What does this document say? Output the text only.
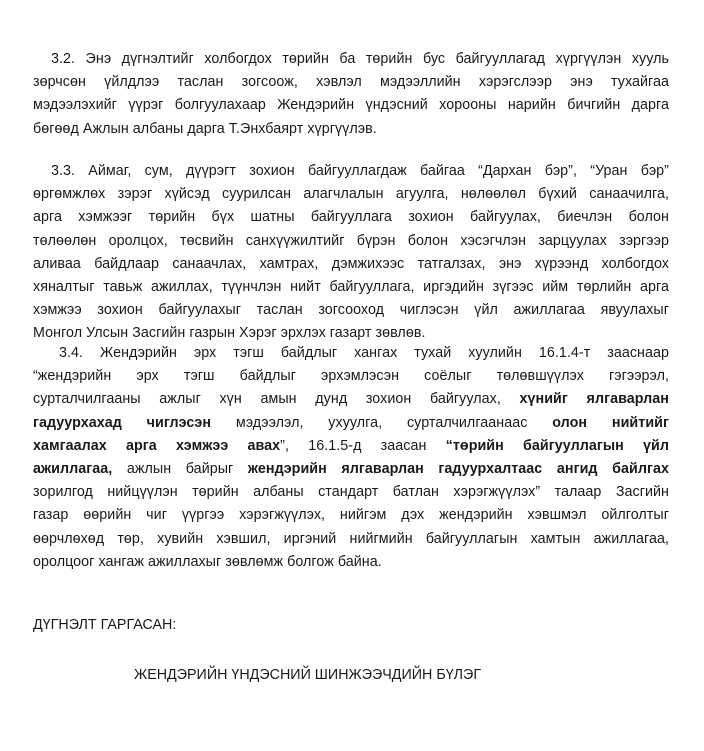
3.2. Энэ дүгнэлтийг холбогдох төрийн ба төрийн бус байгууллагад хүргүүлэн хууль
зөрчсөн үйлдлээ таслан зогсоож, хэвлэл мэдээллийн хэрэгслээр энэ тухайгаа
мэдээлэхийг үүрэг болгуулахаар Жендэрийн үндэсний хорооны нарийн бичгийн дарга
бөгөөд Ажлын албаны дарга Т.Энхбаярт хүргүүлэв.
3.3. Аймаг, сум, дүүрэгт зохион байгууллагдаж байгаа “Дархан бэр”, “Уран бэр”
өргөмжлөх зэрэг хүйсэд суурилсан алагчлалын агуулга, нөлөөлөл бүхий санаачилга,
арга хэмжээг төрийн бүх шатны байгууллага зохион байгуулах, биечлэн болон
төлөөлөн оролцох, төсвийн санхүүжилтийг бүрэн болон хэсэгчлэн зарцуулах зэргээр
аливаа байдлаар санаачлах, хамтрах, дэмжихээс татгалзах, энэ хүрээнд холбогдох
хяналтыг тавьж ажиллах, түүнчлэн нийт байгууллага, иргэдийн зүгээс ийм төрлийн арга
хэмжээ зохион байгуулахыг таслан зогсооход чиглэсэн үйл ажиллагаа явуулахыг
Монгол Улсын Засгийн газрын Хэрэг эрхлэх газарт зөвлөв.
3.4. Жендэрийн эрх тэгш байдлыг хангах тухай хуулийн 16.1.4-т зааснаар
“жендэрийн эрх тэгш байдлыг эрхэмлэсэн соёлыг төлөвшүүлэх гэгээрэл,
сурталчилгааны ажлыг хүн амын дунд зохион байгуулах, хүнийг ялгаварлан
гадуурхахад чиглэсэн мэдээлэл, ухуулга, сурталчилгаанаас олон нийтийг
хамгаалах арга хэмжээ авах”, 16.1.5-д заасан “төрийн байгууллагын үйл
ажиллагаа, ажлын байрыг жендэрийн ялгаварлан гадуурхалтаас ангид байлгах
зорилгод нийцүүлэн төрийн албаны стандарт батлан хэрэгжүүлэх” талаар Засгийн
газар өөрийн чиг үүргээ хэрэгжүүлэх, нийгэм дэх жендэрийн хэвшмэл ойлголтыг
өөрчлөхөд төр, хувийн хэвшил, иргэний нийгмийн байгууллагын хамтын ажиллагаа,
оролцоог хангаж ажиллахыг зөвлөмж болгож байна.
ДҮГНЭЛТ ГАРГАСАН:
ЖЕНДЭРИЙН ҮНДЭСНИЙ ШИНЖЭЭЧДИЙН БҮЛЭГ
